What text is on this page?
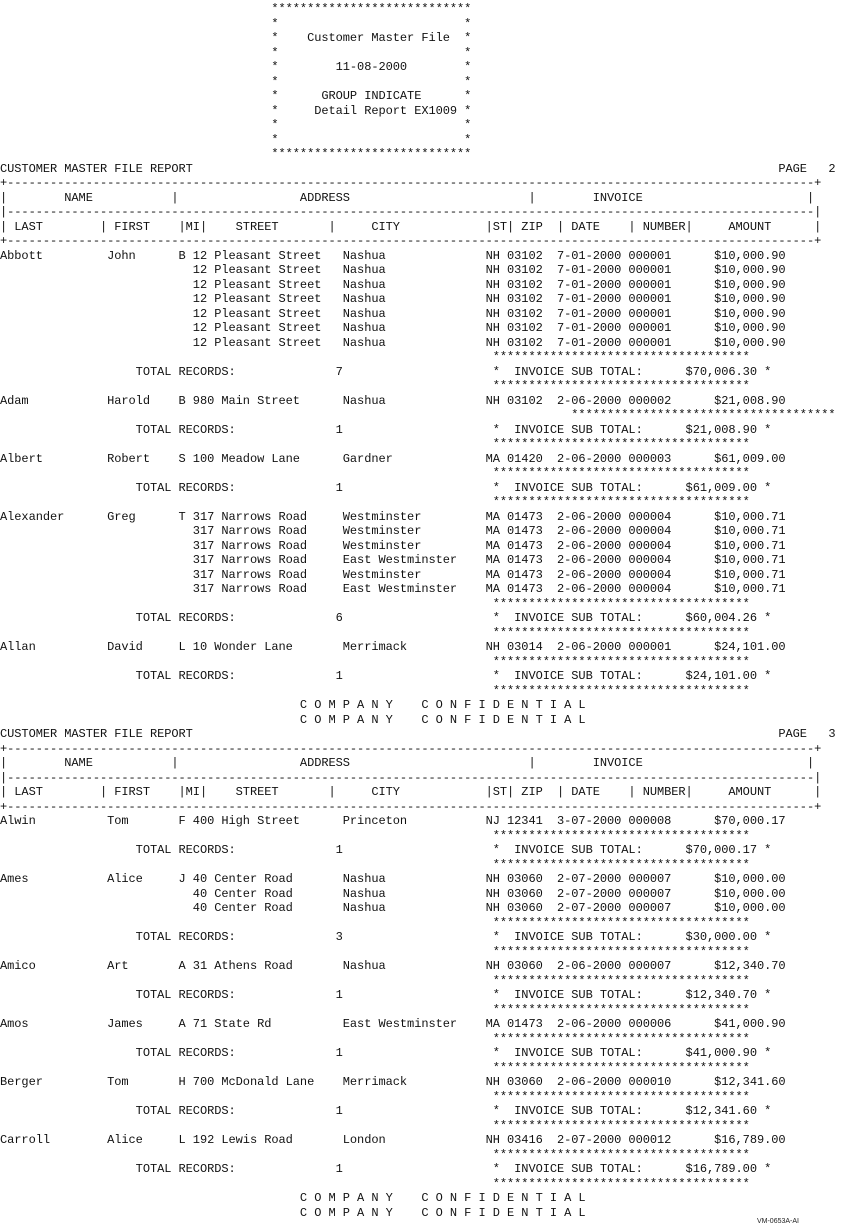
****************************
*                          *
*    Customer Master File  *
*                          *
*        11-08-2000        *
*                          *
*      GROUP INDICATE      *
*     Detail Report EX1009 *
*                          *
*                          *
****************************
CUSTOMER MASTER FILE REPORT                                                                                  PAGE   2
+-----------------------------------------------------------------------------------------------------------------+
|        NAME           |                 ADDRESS                         |        INVOICE                       |
|-----------------------------------------------------------------------------------------------------------------|
| LAST        | FIRST    |MI|    STREET       |     CITY            |ST| ZIP  | DATE    | NUMBER|     AMOUNT      |
+-----------------------------------------------------------------------------------------------------------------+
Abbott         John      B 12 Pleasant Street   Nashua              NH 03102  7-01-2000 000001      $10,000.90
12 Pleasant Street   Nashua              NH 03102  7-01-2000 000001      $10,000.90
12 Pleasant Street   Nashua              NH 03102  7-01-2000 000001      $10,000.90
12 Pleasant Street   Nashua              NH 03102  7-01-2000 000001      $10,000.90
12 Pleasant Street   Nashua              NH 03102  7-01-2000 000001      $10,000.90
12 Pleasant Street   Nashua              NH 03102  7-01-2000 000001      $10,000.90
12 Pleasant Street   Nashua              NH 03102  7-01-2000 000001      $10,000.90
************************************
TOTAL RECORDS:              7                     *  INVOICE SUB TOTAL:      $70,006.30 *
************************************
Adam           Harold    B 980 Main Street      Nashua              NH 03102  2-06-2000 000002      $21,008.90
*************************************
TOTAL RECORDS:              1                     *  INVOICE SUB TOTAL:      $21,008.90 *
************************************
Albert         Robert    S 100 Meadow Lane      Gardner             MA 01420  2-06-2000 000003      $61,009.00
************************************
TOTAL RECORDS:              1                     *  INVOICE SUB TOTAL:      $61,009.00 *
************************************
Alexander      Greg      T 317 Narrows Road     Westminster         MA 01473  2-06-2000 000004      $10,000.71
317 Narrows Road     Westminster         MA 01473  2-06-2000 000004      $10,000.71
317 Narrows Road     Westminster         MA 01473  2-06-2000 000004      $10,000.71
317 Narrows Road     East Westminster    MA 01473  2-06-2000 000004      $10,000.71
317 Narrows Road     Westminster         MA 01473  2-06-2000 000004      $10,000.71
317 Narrows Road     East Westminster    MA 01473  2-06-2000 000004      $10,000.71
************************************
TOTAL RECORDS:              6                     *  INVOICE SUB TOTAL:      $60,004.26 *
************************************
Allan          David     L 10 Wonder Lane       Merrimack           NH 03014  2-06-2000 000001      $24,101.00
************************************
TOTAL RECORDS:              1                     *  INVOICE SUB TOTAL:      $24,101.00 *
************************************
C O M P A N Y    C O N F I D E N T I A L
C O M P A N Y    C O N F I D E N T I A L
CUSTOMER MASTER FILE REPORT                                                                                  PAGE   3
+-----------------------------------------------------------------------------------------------------------------+
|        NAME           |                 ADDRESS                         |        INVOICE                       |
|-----------------------------------------------------------------------------------------------------------------|
| LAST        | FIRST    |MI|    STREET       |     CITY            |ST| ZIP  | DATE    | NUMBER|     AMOUNT      |
+-----------------------------------------------------------------------------------------------------------------+
Alwin          Tom       F 400 High Street      Princeton           NJ 12341  3-07-2000 000008      $70,000.17
************************************
TOTAL RECORDS:              1                     *  INVOICE SUB TOTAL:      $70,000.17 *
************************************
Ames           Alice     J 40 Center Road       Nashua              NH 03060  2-07-2000 000007      $10,000.00
40 Center Road       Nashua              NH 03060  2-07-2000 000007      $10,000.00
40 Center Road       Nashua              NH 03060  2-07-2000 000007      $10,000.00
************************************
TOTAL RECORDS:              3                     *  INVOICE SUB TOTAL:      $30,000.00 *
************************************
Amico          Art       A 31 Athens Road       Nashua              NH 03060  2-06-2000 000007      $12,340.70
************************************
TOTAL RECORDS:              1                     *  INVOICE SUB TOTAL:      $12,340.70 *
************************************
Amos           James     A 71 State Rd          East Westminster    MA 01473  2-06-2000 000006      $41,000.90
************************************
TOTAL RECORDS:              1                     *  INVOICE SUB TOTAL:      $41,000.90 *
************************************
Berger         Tom       H 700 McDonald Lane    Merrimack           NH 03060  2-06-2000 000010      $12,341.60
************************************
TOTAL RECORDS:              1                     *  INVOICE SUB TOTAL:      $12,341.60 *
************************************
Carroll        Alice     L 192 Lewis Road       London              NH 03416  2-07-2000 000012      $16,789.00
************************************
TOTAL RECORDS:              1                     *  INVOICE SUB TOTAL:      $16,789.00 *
************************************
C O M P A N Y    C O N F I D E N T I A L
C O M P A N Y    C O N F I D E N T I A L
VM-0653A-AI
